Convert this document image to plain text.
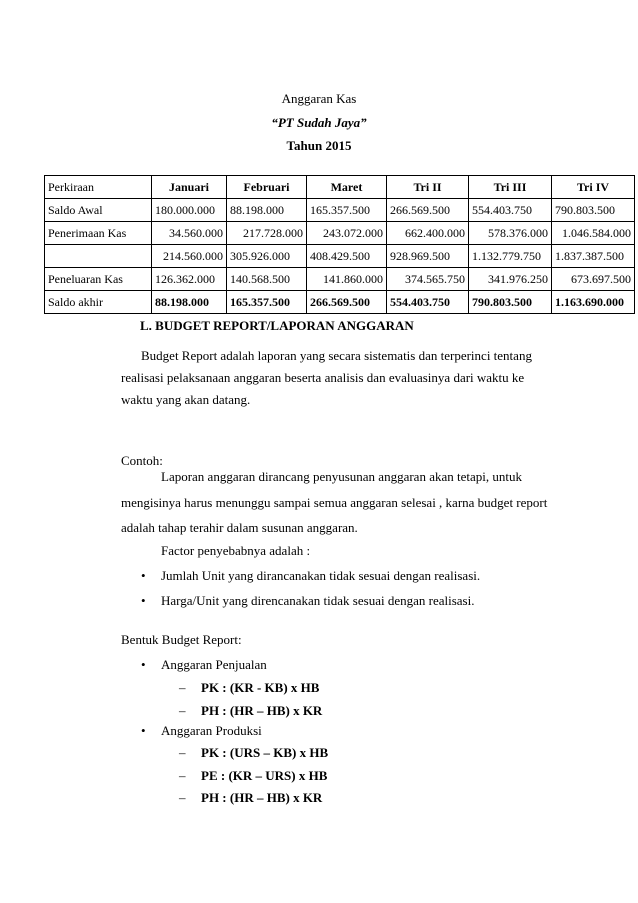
Anggaran Kas
“PT Sudah Jaya”
Tahun 2015
Perkiraan	Januari	Februari	Maret	Tri II	Tri III	Tri IV
Saldo Awal	180.000.000	88.198.000	165.357.500	266.569.500	554.403.750	790.803.500
Penerimaan Kas	34.560.000	217.728.000	243.072.000	662.400.000	578.376.000	1.046.584.000
	214.560.000	305.926.000	408.429.500	928.969.500	1.132.779.750	1.837.387.500
Peneluaran Kas	126.362.000	140.568.500	141.860.000	374.565.750	341.976.250	673.697.500
Saldo akhir	88.198.000	165.357.500	266.569.500	554.403.750	790.803.500	1.163.690.000
L. BUDGET REPORT/LAPORAN ANGGARAN
Budget Report adalah laporan yang secara sistematis dan terperinci tentang realisasi pelaksanaan anggaran beserta analisis dan evaluasinya dari waktu ke waktu yang akan datang.
Contoh:
Laporan anggaran dirancang penyusunan anggaran akan tetapi, untuk
mengisinya harus menunggu sampai semua anggaran selesai , karna budget report
adalah tahap terahir dalam susunan anggaran.
Factor penyebabnya adalah :
• Jumlah Unit yang dirancanakan tidak sesuai dengan realisasi.
• Harga/Unit yang direncanakan tidak sesuai dengan realisasi.
Bentuk Budget Report:
• Anggaran Penjualan
– PK : (KR - KB) x HB
– PH : (HR – HB) x KR
• Anggaran Produksi
– PK : (URS – KB) x HB
– PE : (KR – URS) x HB
– PH : (HR – HB) x KR
